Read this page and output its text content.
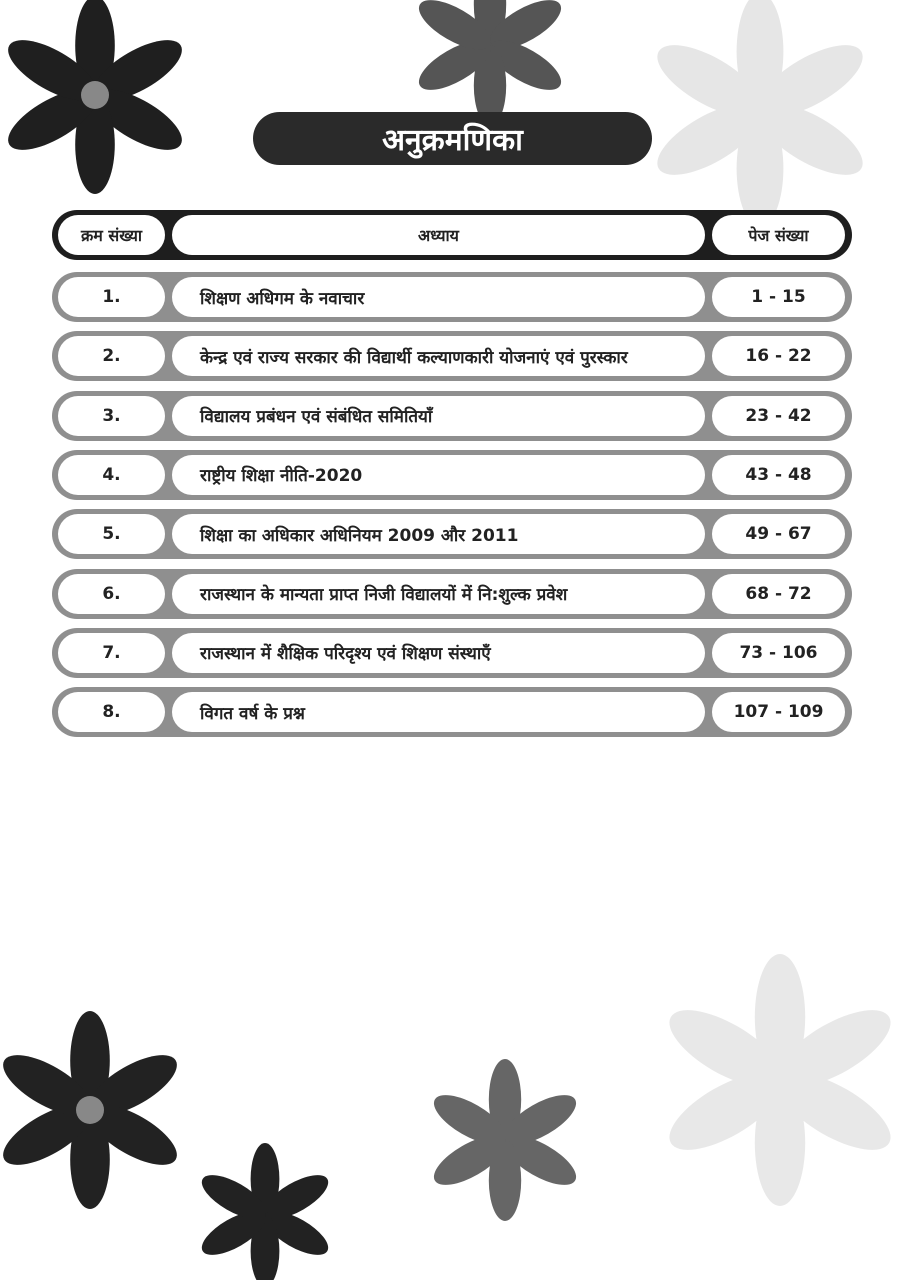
अनुक्रमणिका
क्रम संख्या	अध्याय	पेज संख्या
1.	शिक्षण अधिगम के नवाचार	1 - 15
2.	केन्द्र एवं राज्य सरकार की विद्यार्थी कल्याणकारी योजनाएं एवं पुरस्कार	16 - 22
3.	विद्यालय प्रबंधन एवं संबंधित समितियाँ	23 - 42
4.	राष्ट्रीय शिक्षा नीति-2020	43 - 48
5.	शिक्षा का अधिकार अधिनियम 2009 और 2011	49 - 67
6.	राजस्थान के मान्यता प्राप्त निजी विद्यालयों में नि:शुल्क प्रवेश	68 - 72
7.	राजस्थान में शैक्षिक परिदृश्य एवं शिक्षण संस्थाएँ	73 - 106
8.	विगत वर्ष के प्रश्न	107 - 109
